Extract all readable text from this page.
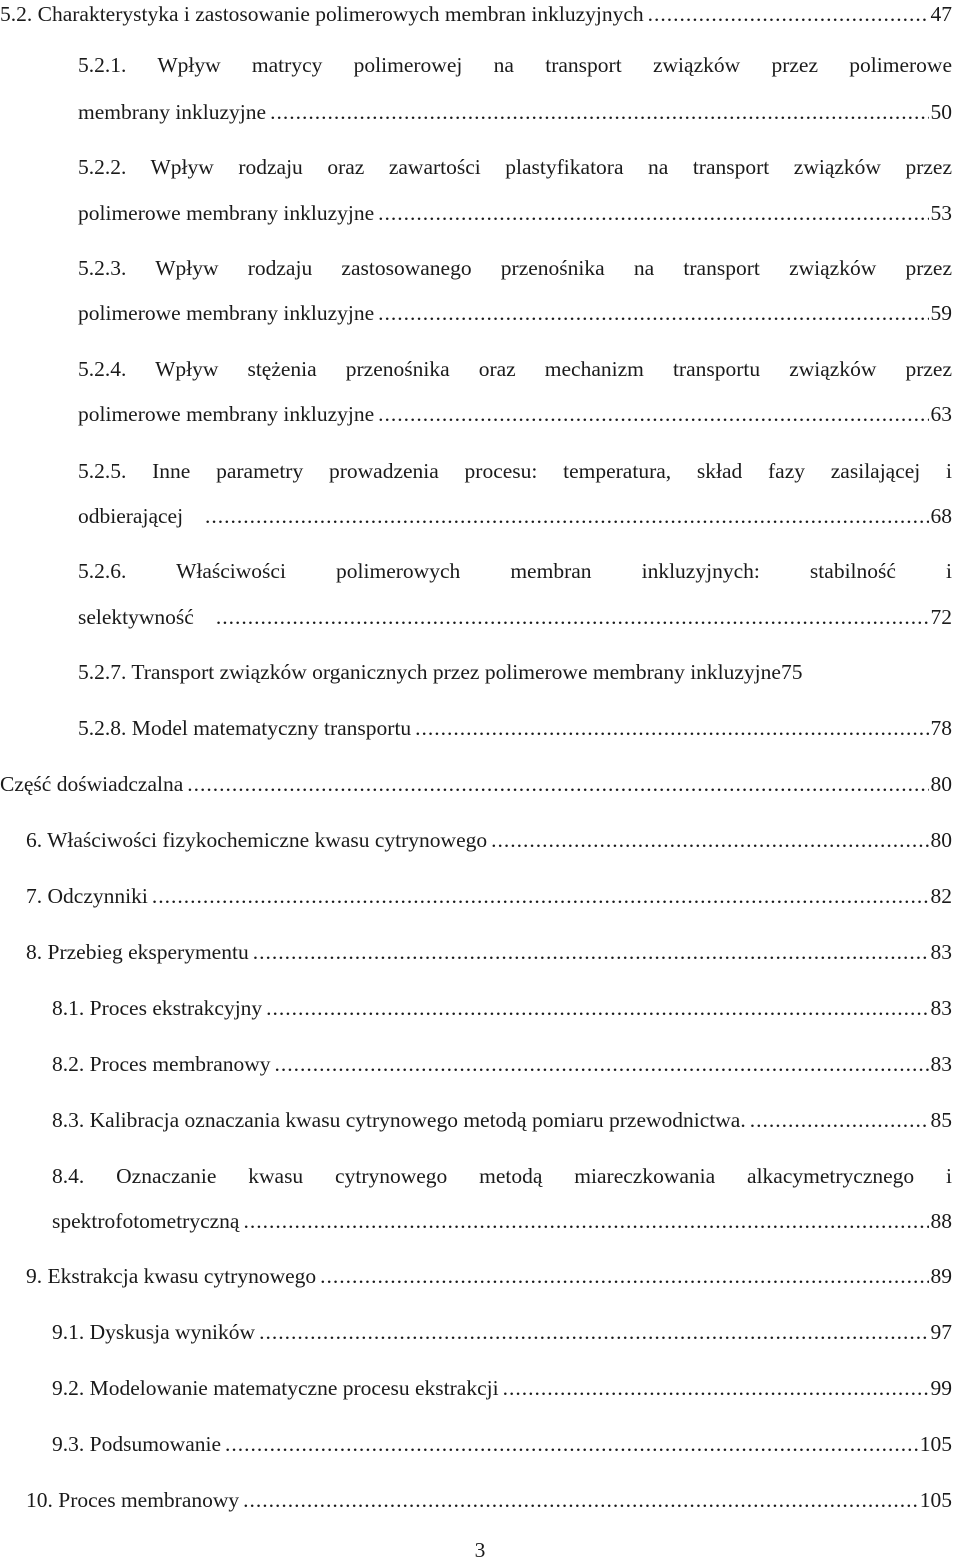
5.2. Charakterystyka i zastosowanie polimerowych membran inkluzyjnych .....	47
5.2.1. Wpływ matrycy polimerowej na transport związków przez polimerowe
membrany inkluzyjne .....	50
5.2.2. Wpływ rodzaju oraz zawartości plastyfikatora na transport związków przez
polimerowe membrany inkluzyjne .....	53
5.2.3. Wpływ rodzaju zastosowanego przenośnika na transport związków przez
polimerowe membrany inkluzyjne .....	59
5.2.4. Wpływ stężenia przenośnika oraz mechanizm transportu związków przez
polimerowe membrany inkluzyjne .....	63
5.2.5. Inne parametry prowadzenia procesu: temperatura, skład fazy zasilającej i
odbierającej .....	68
5.2.6. Właściwości polimerowych membran inkluzyjnych: stabilność i
selektywność .....	72
5.2.7. Transport związków organicznych przez polimerowe membrany inkluzyjne 75
5.2.8. Model matematyczny transportu .....	78
Część doświadczalna .....	80
6. Właściwości fizykochemiczne kwasu cytrynowego .....	80
7. Odczynniki .....	82
8. Przebieg eksperymentu .....	83
8.1. Proces ekstrakcyjny .....	83
8.2. Proces membranowy .....	83
8.3. Kalibracja oznaczania kwasu cytrynowego metodą pomiaru przewodnictwa. .....	85
8.4. Oznaczanie kwasu cytrynowego metodą miareczkowania alkacymetrycznego i
spektrofotometryczną .....	88
9. Ekstrakcja kwasu cytrynowego .....	89
9.1. Dyskusja wyników .....	97
9.2. Modelowanie matematyczne procesu ekstrakcji .....	99
9.3. Podsumowanie .....	105
10. Proces membranowy .....	105
3
